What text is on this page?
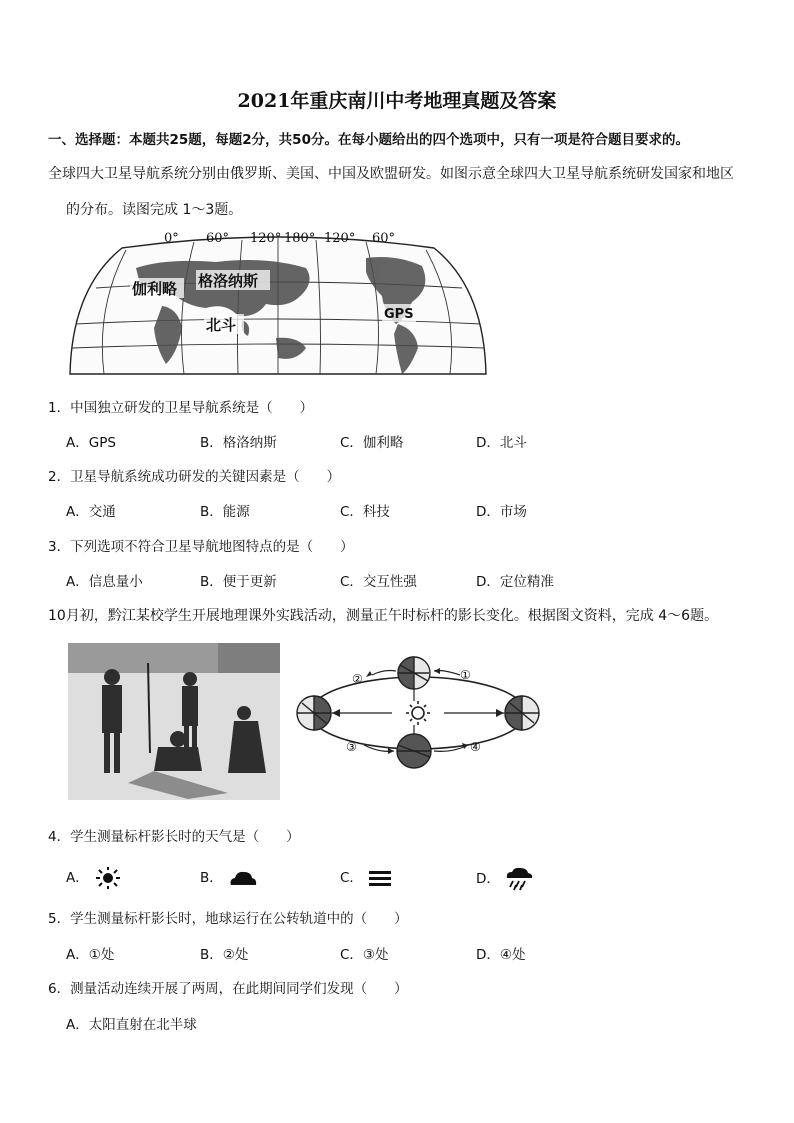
2021年重庆南川中考地理真题及答案
一、选择题：本题共25题，每题2分，共50分。在每小题给出的四个选项中，只有一项是符合题目要求的。
全球四大卫星导航系统分别由俄罗斯、美国、中国及欧盟研发。如图示意全球四大卫星导航系统研发国家和地区
的分布。读图完成 1～3题。
0° 60° 120° 180° 120° 60°
伽利略 格洛纳斯
北斗
GPS
1．中国独立研发的卫星导航系统是（　　）
A．GPS	B．格洛纳斯	C．伽利略	D．北斗
2．卫星导航系统成功研发的关键因素是（　　）
A．交通	B．能源	C．科技	D．市场
3．下列选项不符合卫星导航地图特点的是（　　）
A．信息量小	B．便于更新	C．交互性强	D．定位精准
10月初，黔江某校学生开展地理课外实践活动，测量正午时标杆的影长变化。根据图文资料，完成 4～6题。
①
②
③	④
4．学生测量标杆影长时的天气是（　　）
A．	B．	C．	D．
5．学生测量标杆影长时，地球运行在公转轨道中的（　　）
A．①处	B．②处	C．③处	D．④处
6．测量活动连续开展了两周，在此期间同学们发现（　　）
A．太阳直射在北半球
